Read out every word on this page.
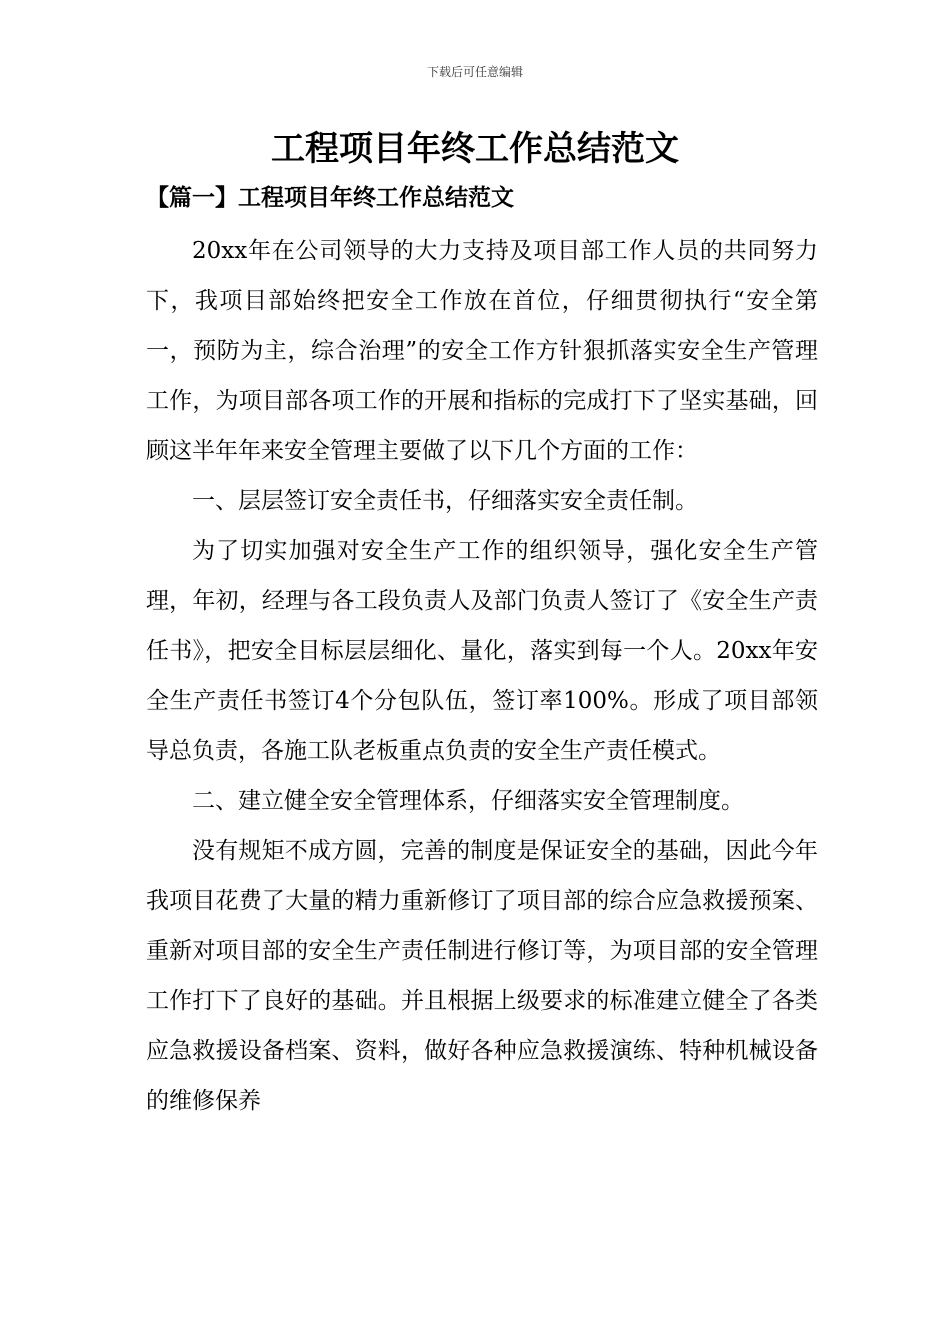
下载后可任意编辑
工程项目年终工作总结范文
【篇一】工程项目年终工作总结范文

20xx年在公司领导的大力支持及项目部工作人员的共同努力下，我项目部始终把安全工作放在首位，仔细贯彻执行“安全第一，预防为主，综合治理”的安全工作方针狠抓落实安全生产管理工作，为项目部各项工作的开展和指标的完成打下了坚实基础，回顾这半年年来安全管理主要做了以下几个方面的工作：

一、层层签订安全责任书，仔细落实安全责任制。

为了切实加强对安全生产工作的组织领导，强化安全生产管理，年初，经理与各工段负责人及部门负责人签订了《安全生产责任书》，把安全目标层层细化、量化，落实到每一个人。20xx年安全生产责任书签订4个分包队伍，签订率100%。形成了项目部领导总负责，各施工队老板重点负责的安全生产责任模式。

二、建立健全安全管理体系，仔细落实安全管理制度。

没有规矩不成方圆，完善的制度是保证安全的基础，因此今年我项目花费了大量的精力重新修订了项目部的综合应急救援预案、重新对项目部的安全生产责任制进行修订等，为项目部的安全管理工作打下了良好的基础。并且根据上级要求的标准建立健全了各类应急救援设备档案、资料，做好各种应急救援演练、特种机械设备的维修保养
